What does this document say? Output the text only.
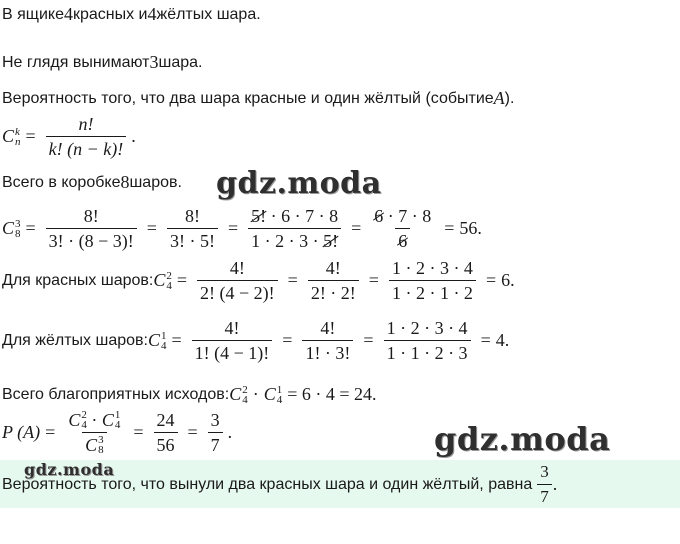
В ящике 4 красных и 4 жёлтых шара.
Не глядя вынимают 3 шара.
Вероятность того, что два шара красные и один жёлтый (событие A ).
C k
$n = \frac{n!}{k! (n - k)!}$ .
Всего в коробке 8 шаров.
C 3
$8 = \frac{8!}{3! \cdot (8 - 3)!} = \frac{8!}{3! \cdot 5!} = \frac{5! \cdot 6 \cdot 7 \cdot 8}{1 \cdot 2 \cdot 3 \cdot 5!} = \frac{6 \cdot 7 \cdot 8}{6} = 56$.
Для красных шаров: C 2
$4 = \frac{4!}{2! (4 - 2)!} = \frac{4!}{2! \cdot 2!} = \frac{1 \cdot 2 \cdot 3 \cdot 4}{1 \cdot 2 \cdot 1 \cdot 2} = 6$.
Для жёлтых шаров: C 1
$4 = \frac{4!}{1! (4 - 1)!} = \frac{4!}{1! \cdot 3!} = \frac{1 \cdot 2 \cdot 3 \cdot 4}{1 \cdot 1 \cdot 2 \cdot 3} = 4$.
Всего благоприятных исходов: C 2
4 · C 1
4 = 6 · 4 = 24.
P (A) = C 2
4 · C 1
4
C 3
$8 = \frac{24}{56} = \frac{3}{7}$ .
Вероятность того, что вынули два красных шара и один жёлтый, равна $\frac{3}{7}$ .
gdz.moda
gdz.moda
gdz.moda
